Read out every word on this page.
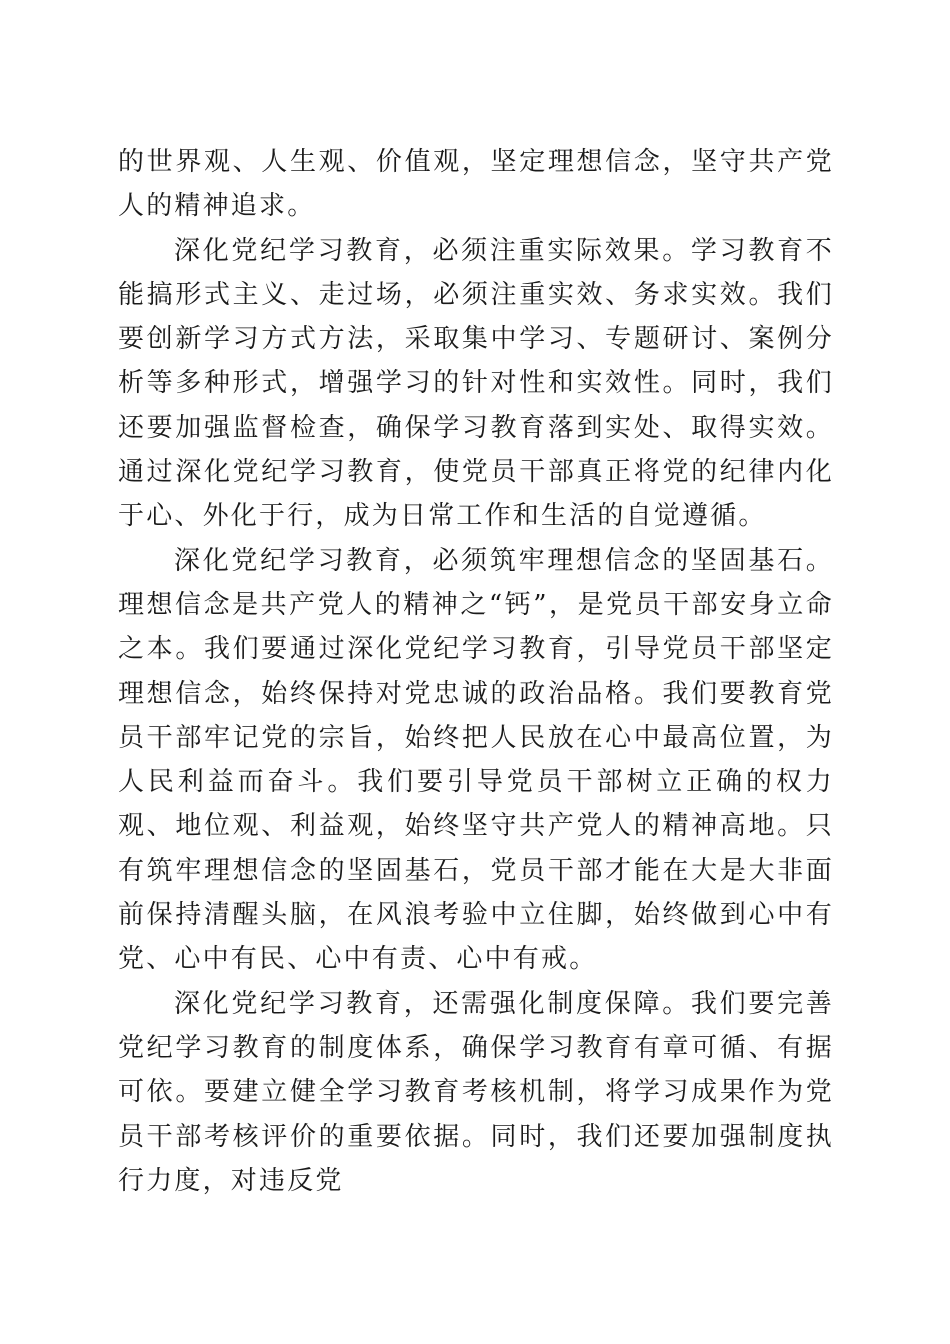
的世界观、人生观、价值观，坚定理想信念，坚守共产党人的精神追求。

深化党纪学习教育，必须注重实际效果。学习教育不能搞形式主义、走过场，必须注重实效、务求实效。我们要创新学习方式方法，采取集中学习、专题研讨、案例分析等多种形式，增强学习的针对性和实效性。同时，我们还要加强监督检查，确保学习教育落到实处、取得实效。通过深化党纪学习教育，使党员干部真正将党的纪律内化于心、外化于行，成为日常工作和生活的自觉遵循。

深化党纪学习教育，必须筑牢理想信念的坚固基石。理想信念是共产党人的精神之“钙”，是党员干部安身立命之本。我们要通过深化党纪学习教育，引导党员干部坚定理想信念，始终保持对党忠诚的政治品格。我们要教育党员干部牢记党的宗旨，始终把人民放在心中最高位置，为人民利益而奋斗。我们要引导党员干部树立正确的权力观、地位观、利益观，始终坚守共产党人的精神高地。只有筑牢理想信念的坚固基石，党员干部才能在大是大非面前保持清醒头脑，在风浪考验中立住脚，始终做到心中有党、心中有民、心中有责、心中有戒。

深化党纪学习教育，还需强化制度保障。我们要完善党纪学习教育的制度体系，确保学习教育有章可循、有据可依。要建立健全学习教育考核机制，将学习成果作为党员干部考核评价的重要依据。同时，我们还要加强制度执行力度，对违反党
